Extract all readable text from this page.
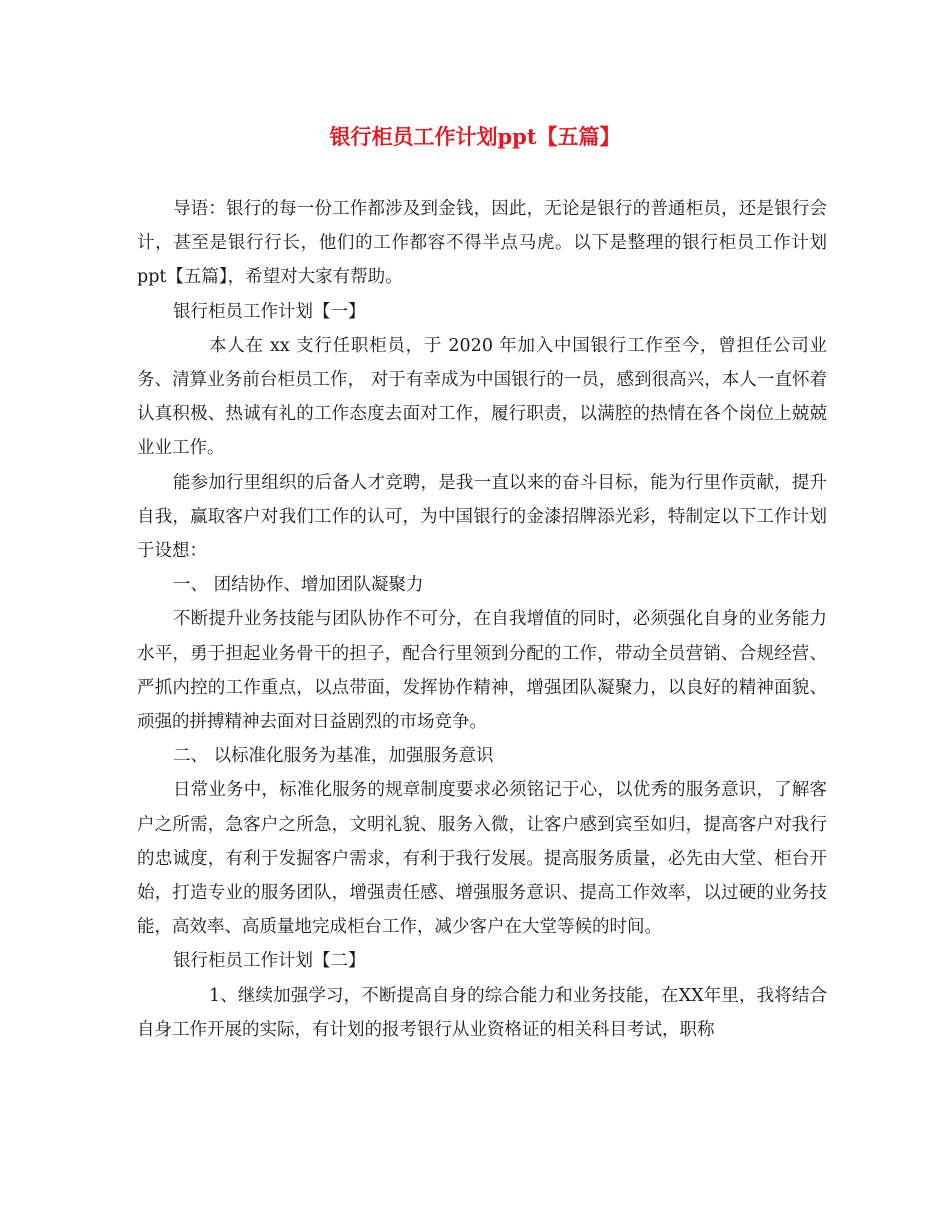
银行柜员工作计划ppt【五篇】

导语：银行的每一份工作都涉及到金钱，因此，无论是银行的普通柜员，还是银行会计，甚至是银行行长，他们的工作都容不得半点马虎。以下是整理的银行柜员工作计划ppt【五篇】，希望对大家有帮助。

银行柜员工作计划【一】

本人在 xx 支行任职柜员，于 2020 年加入中国银行工作至今，曾担任公司业务、清算业务前台柜员工作， 对于有幸成为中国银行的一员，感到很高兴，本人一直怀着认真积极、热诚有礼的工作态度去面对工作，履行职责，以满腔的热情在各个岗位上兢兢业业工作。

能参加行里组织的后备人才竞聘，是我一直以来的奋斗目标，能为行里作贡献，提升自我，赢取客户对我们工作的认可，为中国银行的金漆招牌添光彩，特制定以下工作计划于设想：

一、 团结协作、增加团队凝聚力

不断提升业务技能与团队协作不可分，在自我增值的同时，必须强化自身的业务能力水平，勇于担起业务骨干的担子，配合行里领到分配的工作，带动全员营销、合规经营、严抓内控的工作重点，以点带面，发挥协作精神，增强团队凝聚力，以良好的精神面貌、顽强的拼搏精神去面对日益剧烈的市场竞争。

二、 以标准化服务为基准，加强服务意识

日常业务中，标准化服务的规章制度要求必须铭记于心，以优秀的服务意识，了解客户之所需，急客户之所急，文明礼貌、服务入微，让客户感到宾至如归，提高客户对我行的忠诚度，有利于发掘客户需求，有利于我行发展。提高服务质量，必先由大堂、柜台开始，打造专业的服务团队，增强责任感、增强服务意识、提高工作效率，以过硬的业务技能，高效率、高质量地完成柜台工作，减少客户在大堂等候的时间。

银行柜员工作计划【二】

1、继续加强学习，不断提高自身的综合能力和业务技能，在XX年里，我将结合自身工作开展的实际，有计划的报考银行从业资格证的相关科目考试，职称
